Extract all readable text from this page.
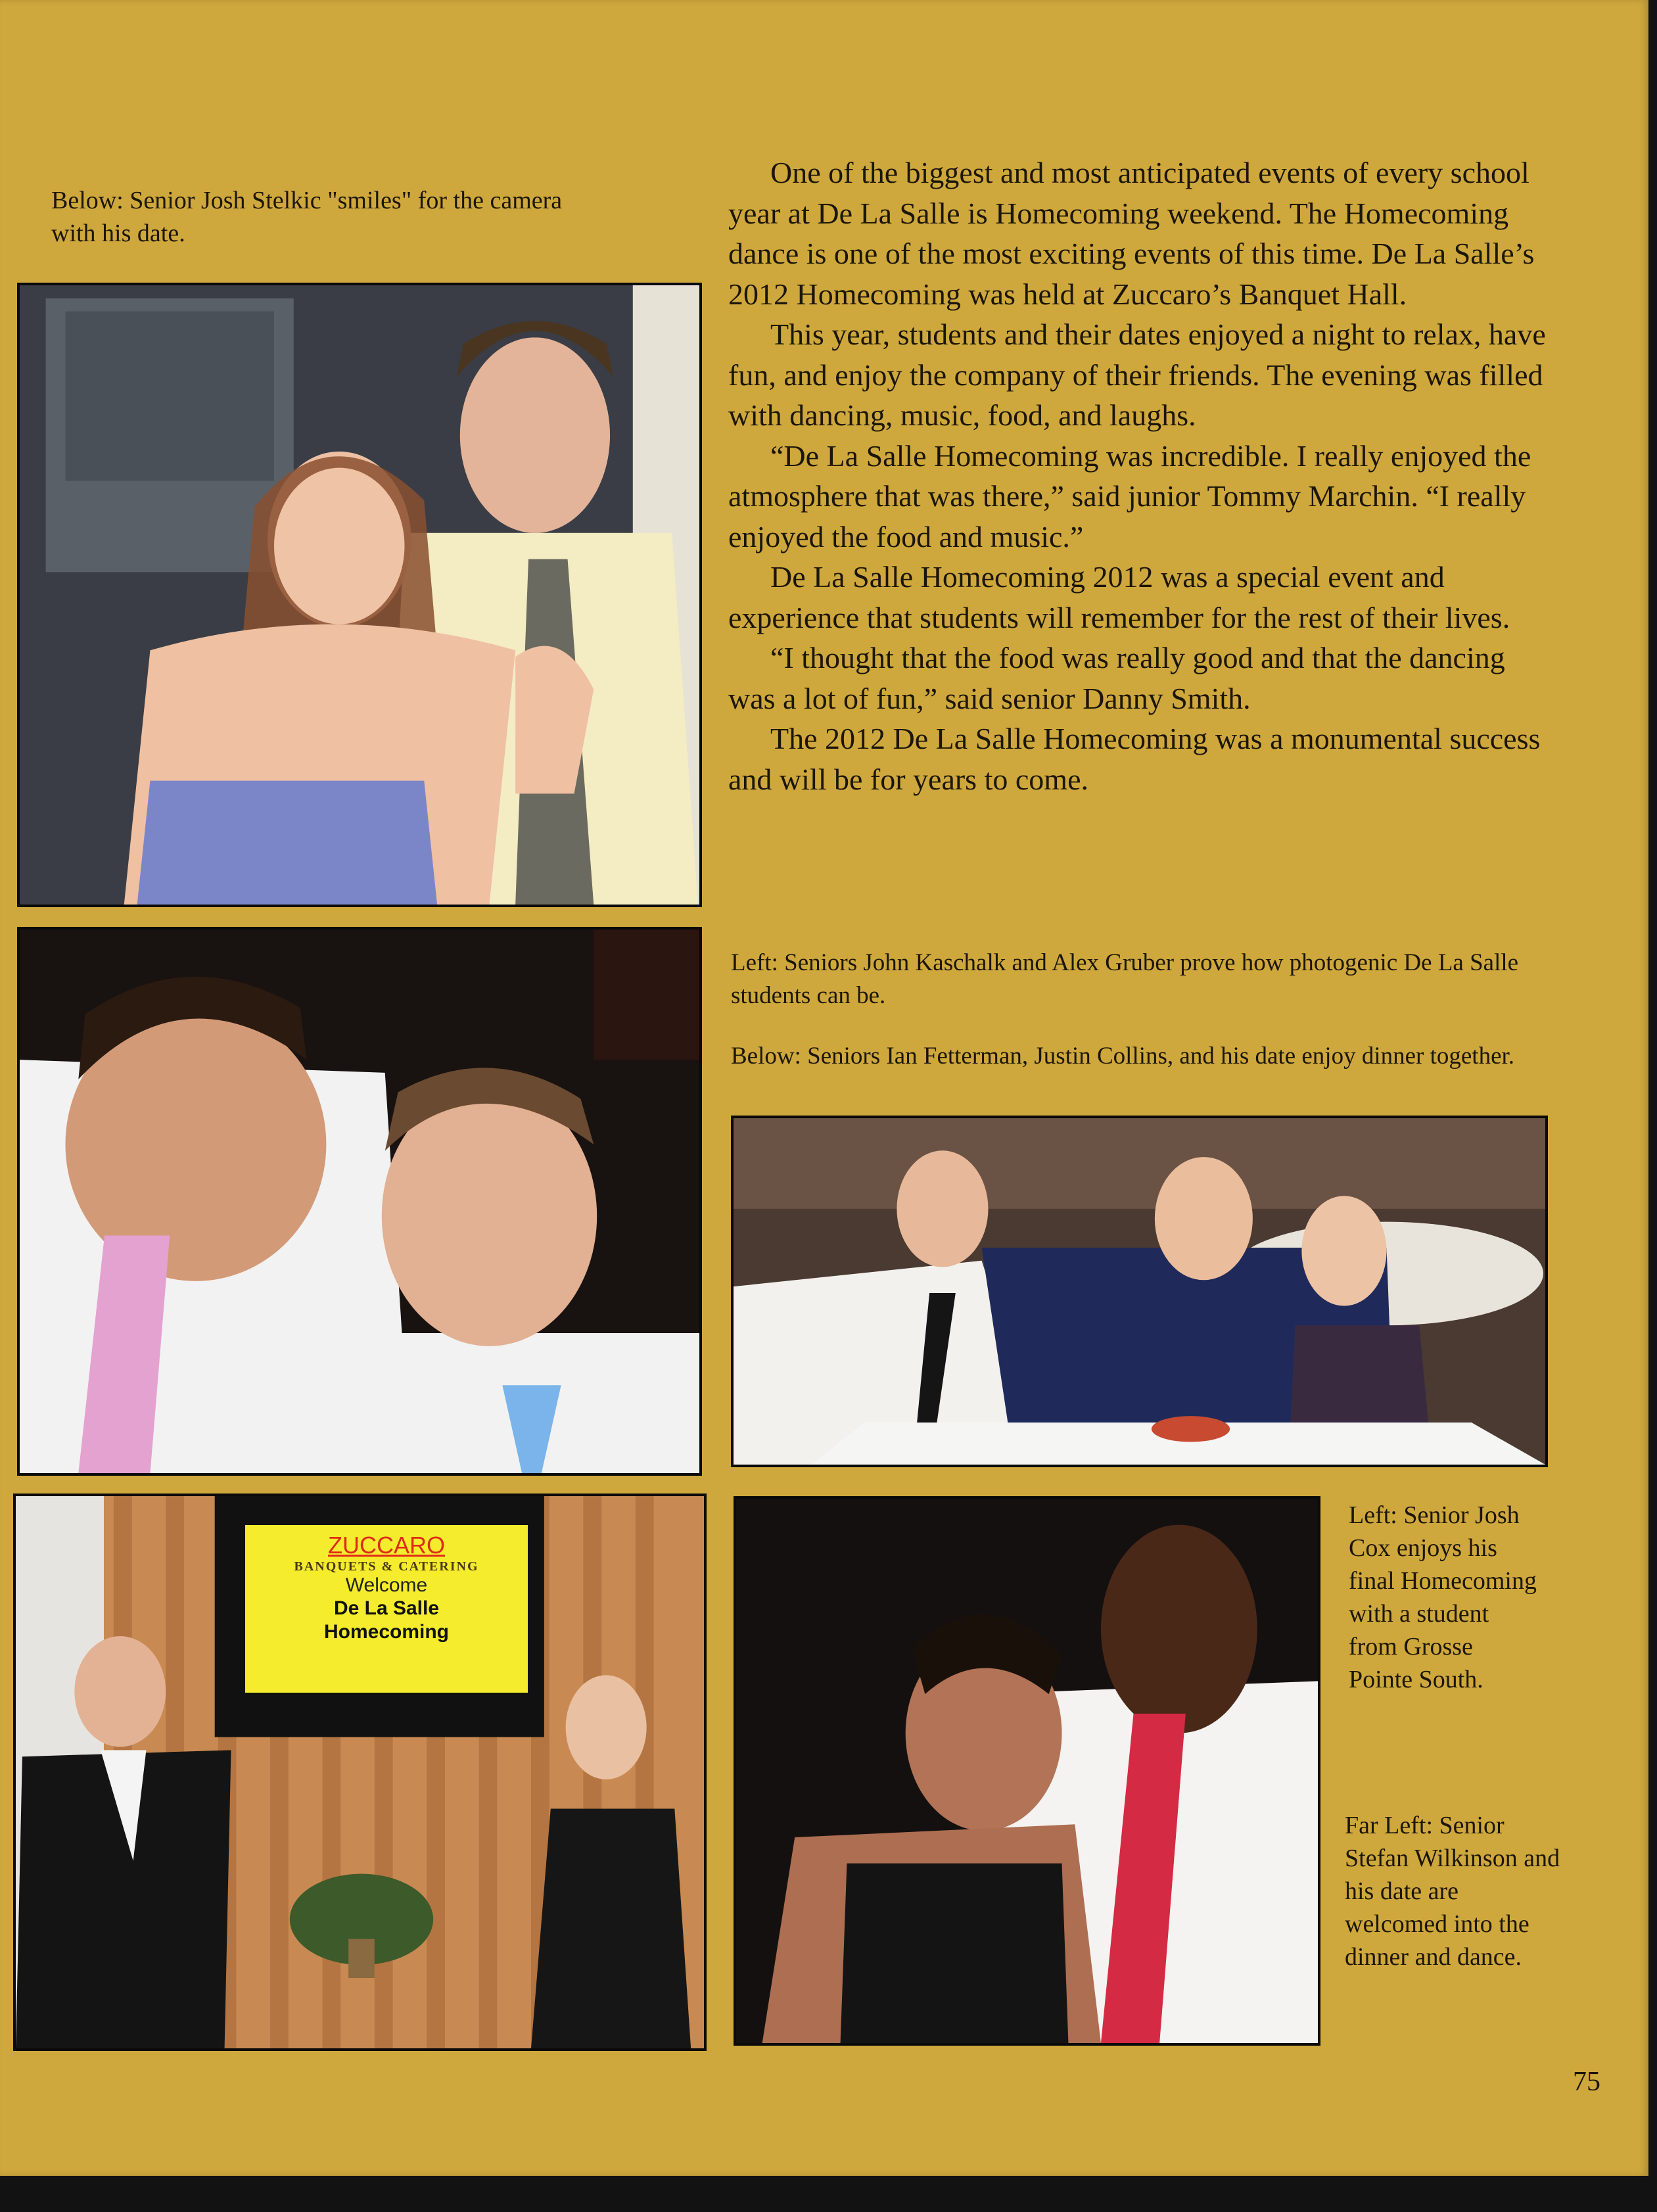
Below: Senior Josh Stelkic "smiles" for the camera with his date.

One of the biggest and most anticipated events of every school year at De La Salle is Homecoming weekend. The Homecoming dance is one of the most exciting events of this time. De La Salle’s 2012 Homecoming was held at Zuccaro’s Banquet Hall.

This year, students and their dates enjoyed a night to relax, have fun, and enjoy the company of their friends. The evening was filled with dancing, music, food, and laughs.

“De La Salle Homecoming was incredible. I really enjoyed the atmosphere that was there,” said junior Tommy Marchin. “I really enjoyed the food and music.”

De La Salle Homecoming 2012 was a special event and experience that students will remember for the rest of their lives.

“I thought that the food was really good and that the dancing was a lot of fun,” said senior Danny Smith.

The 2012 De La Salle Homecoming was a monumental success and will be for years to come.

Left: Seniors John Kaschalk and Alex Gruber prove how photogenic De La Salle students can be.
Below: Seniors Ian Fetterman, Justin Collins, and his date enjoy dinner together.
ZUCCARO
BANQUETS & CATERING
Welcome
De La Salle
Homecoming
Left: Senior Josh Cox enjoys his final Homecoming with a student from Grosse Pointe South.
Far Left: Senior Stefan Wilkinson and his date are welcomed into the dinner and dance.
75
